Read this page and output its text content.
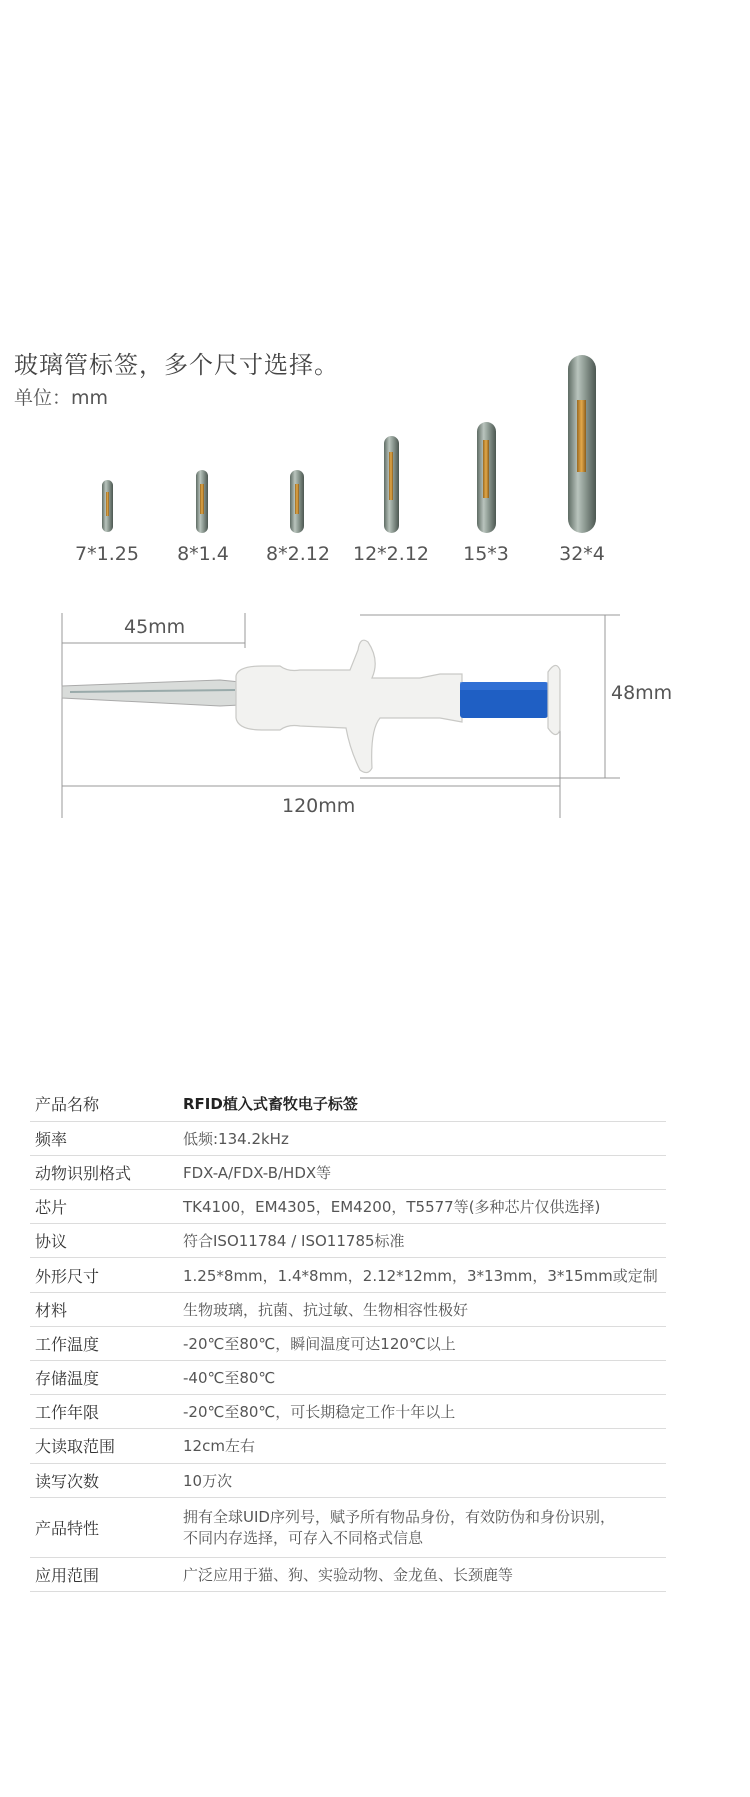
玻璃管标签，多个尺寸选择。
单位：mm
7*1.25 8*1.4 8*2.12 12*2.12 15*3	32*4
45mm
48mm
120mm
产品名称	RFID植入式畜牧电子标签
频率	低频:134.2kHz
动物识别格式	FDX-A/FDX-B/HDX等
芯片	TK4100，EM4305，EM4200，T5577等(多种芯片仅供选择)
协议	符合ISO11784 / ISO11785标准
外形尺寸	1.25*8mm，1.4*8mm，2.12*12mm，3*13mm，3*15mm或定制
材料	生物玻璃，抗菌、抗过敏、生物相容性极好
工作温度	-20℃至80℃，瞬间温度可达120℃以上
存储温度	-40℃至80℃
工作年限	-20℃至80℃，可长期稳定工作十年以上
大读取范围	12cm左右
读写次数	10万次
产品特性	拥有全球UID序列号，赋予所有物品身份，有效防伪和身份识别，
不同内存选择，可存入不同格式信息

应用范围	广泛应用于猫、狗、实验动物、金龙鱼、长颈鹿等
